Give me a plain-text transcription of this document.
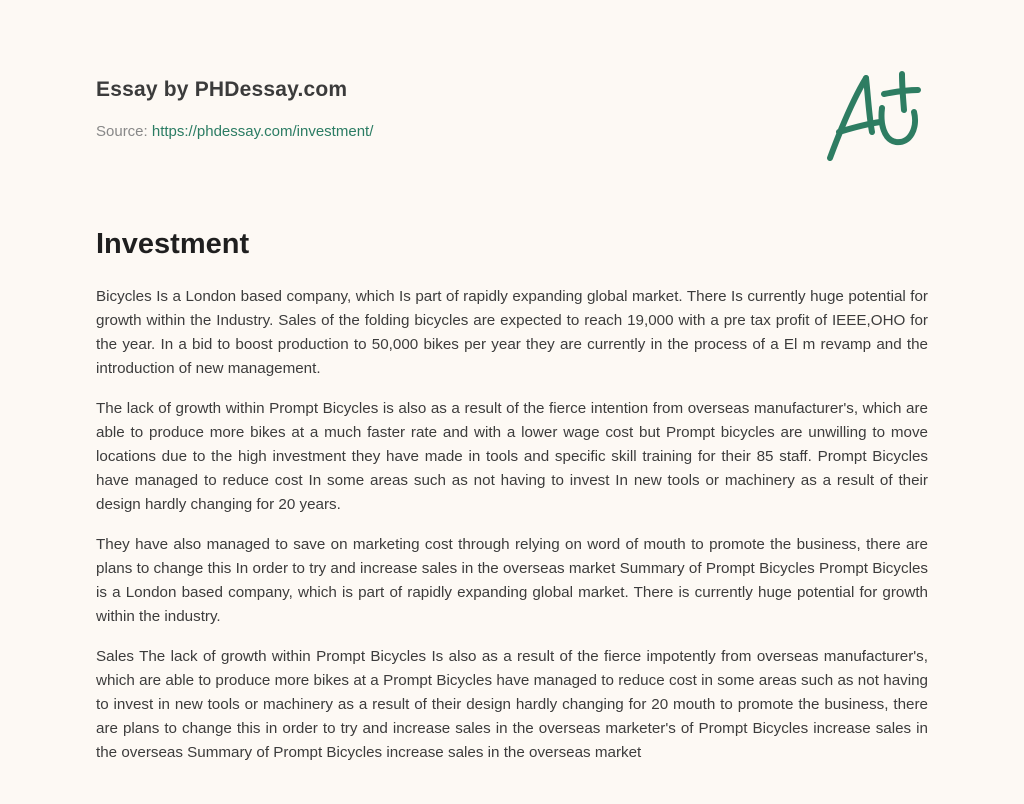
Essay by PHDessay.com
Source: https://phdessay.com/investment/
Investment

Bicycles Is a London based company, which Is part of rapidly expanding global market. There Is currently huge potential for growth within the Industry. Sales of the folding bicycles are expected to reach 19,000 with a pre tax profit of IEEE,OHO for the year. In a bid to boost production to 50,000 bikes per year they are currently in the process of a El m revamp and the introduction of new management.

The lack of growth within Prompt Bicycles is also as a result of the fierce intention from overseas manufacturer's, which are able to produce more bikes at a much faster rate and with a lower wage cost but Prompt bicycles are unwilling to move locations due to the high investment they have made in tools and specific skill training for their 85 staff. Prompt Bicycles have managed to reduce cost In some areas such as not having to invest In new tools or machinery as a result of their design hardly changing for 20 years.

They have also managed to save on marketing cost through relying on word of mouth to promote the business, there are plans to change this In order to try and increase sales in the overseas market Summary of Prompt Bicycles Prompt Bicycles is a London based company, which is part of rapidly expanding global market. There is currently huge potential for growth within the industry.

Sales The lack of growth within Prompt Bicycles Is also as a result of the fierce impotently from overseas manufacturer's, which are able to produce more bikes at a Prompt Bicycles have managed to reduce cost in some areas such as not having to invest in new tools or machinery as a result of their design hardly changing for 20 mouth to promote the business, there are plans to change this in order to try and increase sales in the overseas marketer's of Prompt Bicycles increase sales in the overseas Summary of Prompt Bicycles increase sales in the overseas market
